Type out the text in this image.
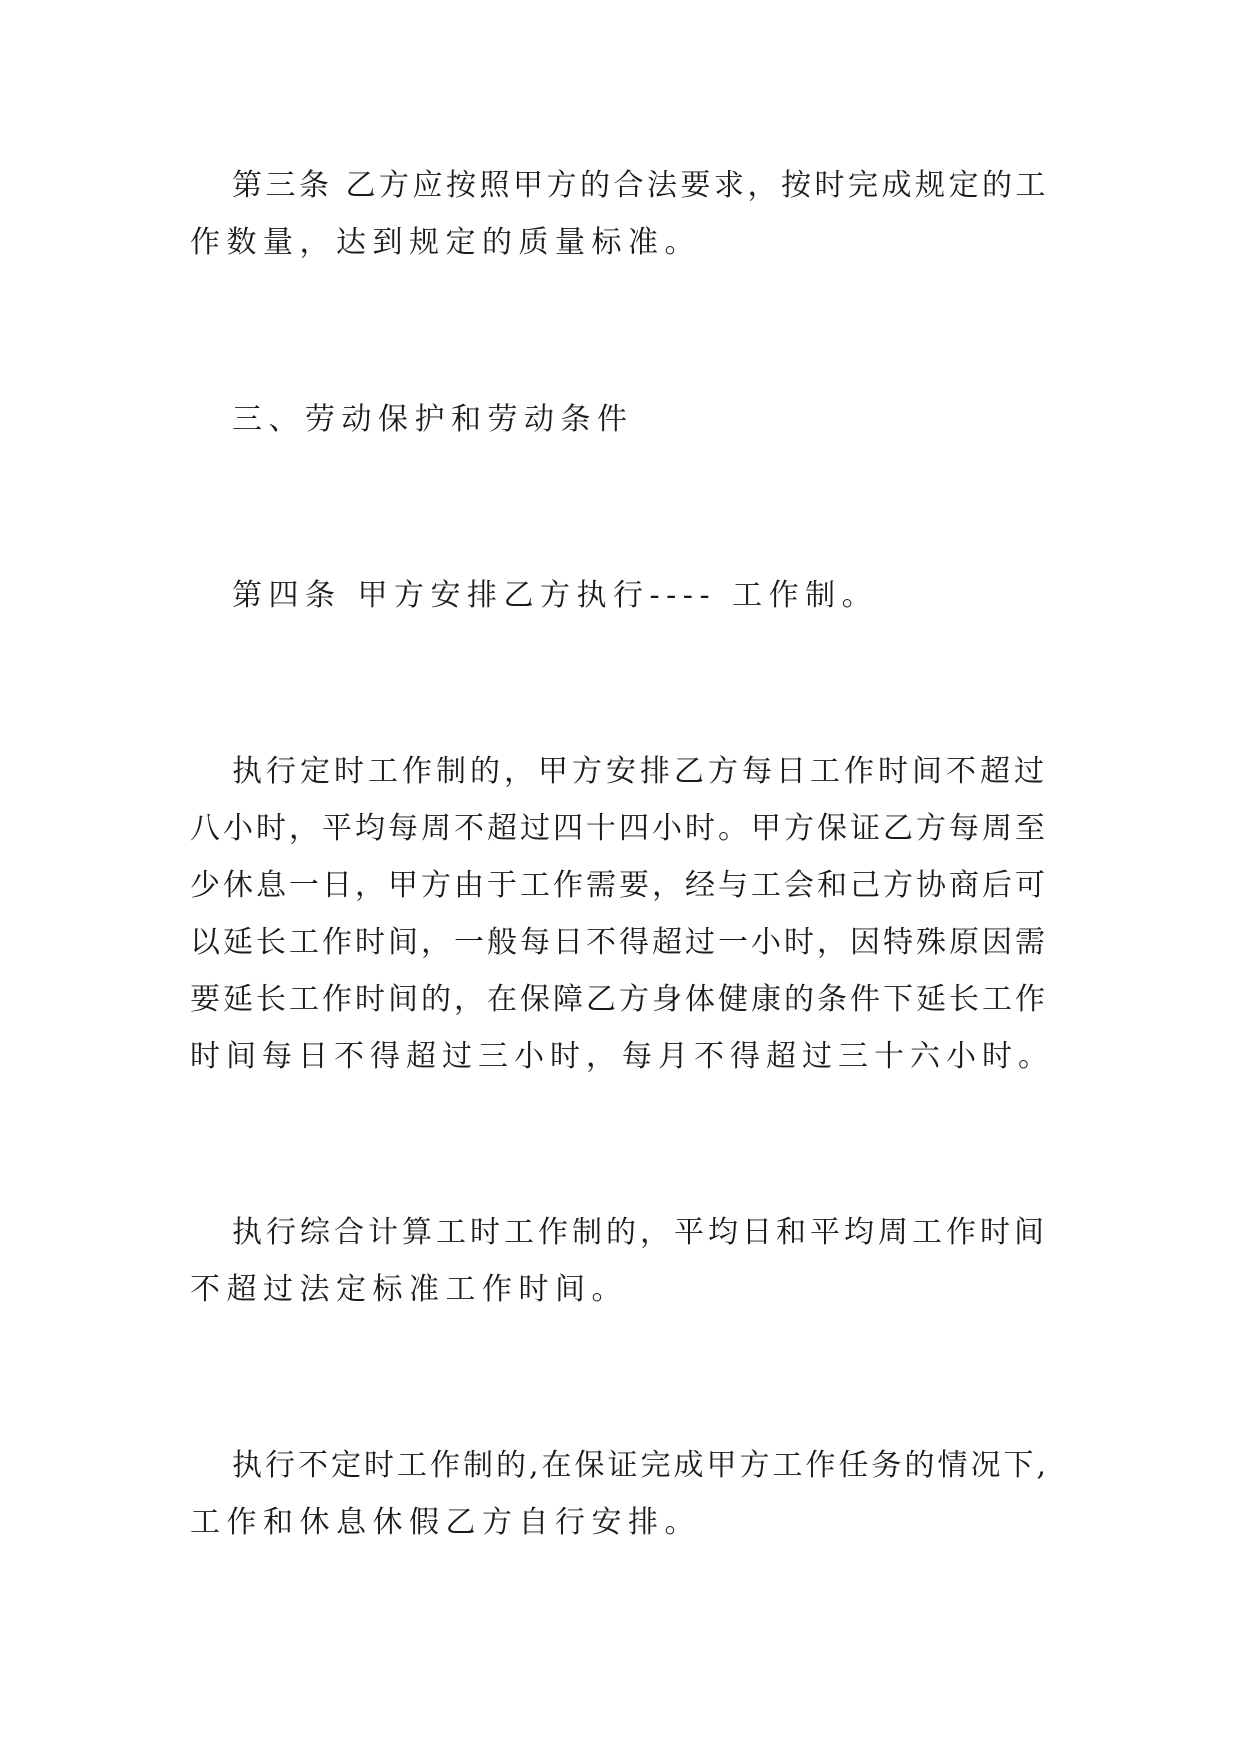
第三条 乙方应按照甲方的合法要求，按时完成规定的工
作数量，达到规定的质量标准。
三、劳动保护和劳动条件
第四条 甲方安排乙方执行---- 工作制。
执行定时工作制的，甲方安排乙方每日工作时间不超过
八小时，平均每周不超过四十四小时。甲方保证乙方每周至
少休息一日，甲方由于工作需要，经与工会和己方协商后可
以延长工作时间，一般每日不得超过一小时，因特殊原因需
要延长工作时间的，在保障乙方身体健康的条件下延长工作
时间每日不得超过三小时，每月不得超过三十六小时。
执行综合计算工时工作制的，平均日和平均周工作时间
不超过法定标准工作时间。
执行不定时工作制的,在保证完成甲方工作任务的情况下,
工作和休息休假乙方自行安排。
